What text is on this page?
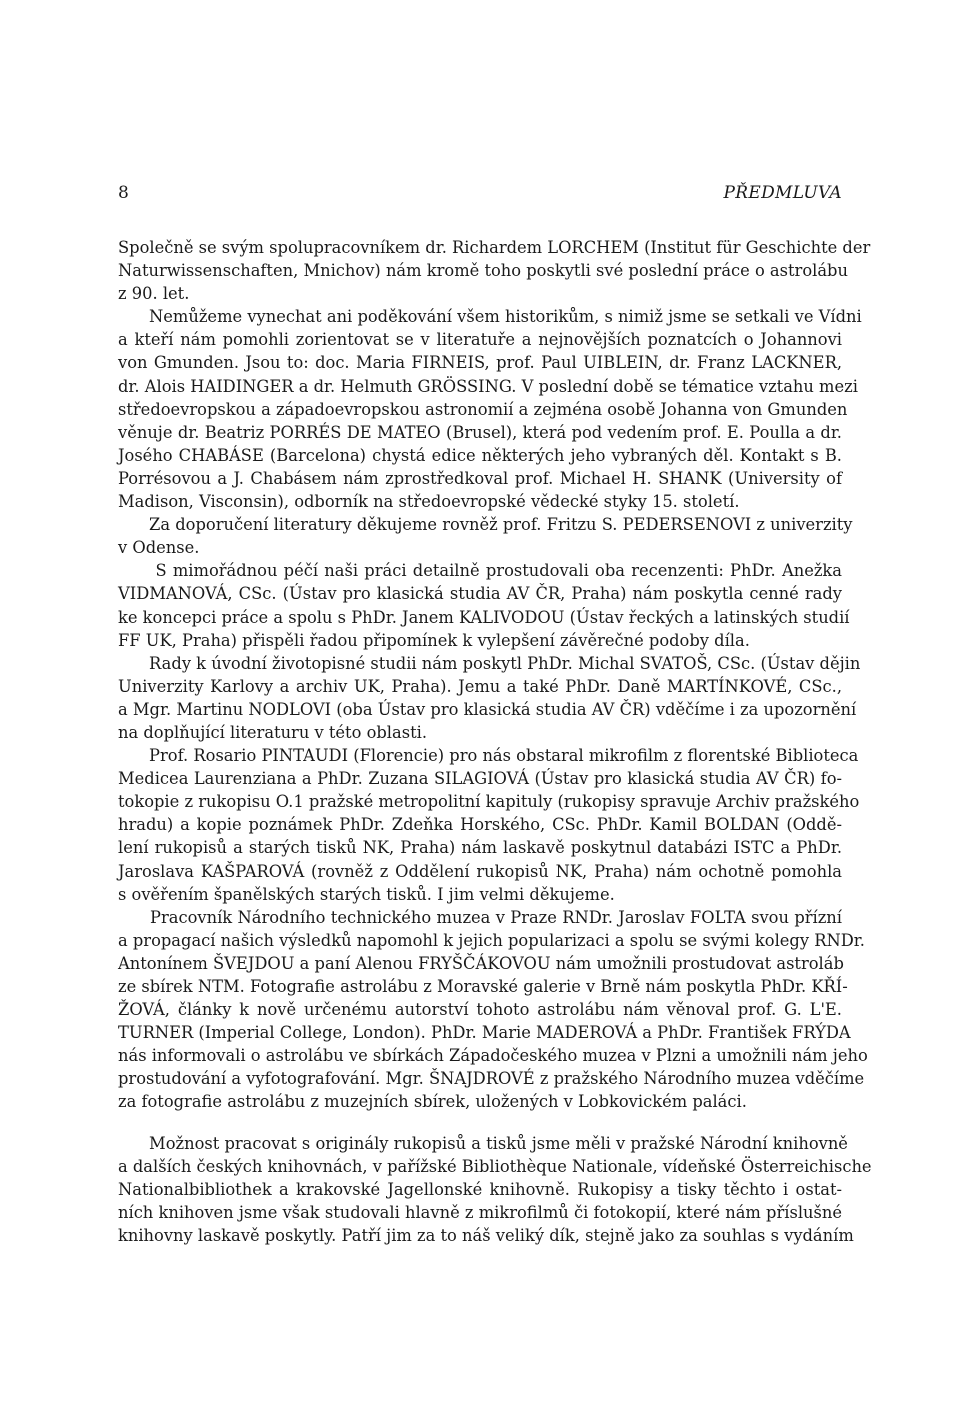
8	PŘEDMLUVA
Společně se svým spolupracovníkem dr. Richardem LORCHEM (Institut für Geschichte der
Naturwissenschaften, Mnichov) nám kromě toho poskytli své poslední práce o astrolábu
z 90. let.
Nemůžeme vynechat ani poděkování všem historikům, s nimiž jsme se setkali ve Vídni
a kteří nám pomohli zorientovat se v literatuře a nejnovějších poznatcích o Johannovi
von Gmunden. Jsou to: doc. Maria FIRNEIS, prof. Paul UIBLEIN, dr. Franz LACKNER,
dr. Alois HAIDINGER a dr. Helmuth GRÖSSING. V poslední době se tématice vztahu mezi
středoevropskou a západoevropskou astronomií a zejména osobě Johanna von Gmunden
věnuje dr. Beatriz PORRÉS DE MATEO (Brusel), která pod vedením prof. E. Poulla a dr.
Joséhо CHABÁSE (Barcelona) chystá edice některých jeho vybraných děl. Kontakt s B.
Porrésovou a J. Chabásem nám zprostředkoval prof. Michael H. SHANK (University of
Madison, Visconsin), odborník na středoevropské vědecké styky 15. století.
Za doporučení literatury děkujeme rovněž prof. Fritzu S. PEDERSENOVI z univerzity
v Odense.
S mimořádnou péčí naši práci detailně prostudovali oba recenzenti: PhDr. Anežka
VIDMANOVÁ, CSc. (Ústav pro klasická studia AV ČR, Praha) nám poskytla cenné rady
ke koncepci práce a spolu s PhDr. Janem KALIVODOU (Ústav řeckých a latinských studií
FF UK, Praha) přispěli řadou připomínek k vylepšení závěrečné podoby díla.
Rady k úvodní životopisné studii nám poskytl PhDr. Michal SVATOŠ, CSc. (Ústav dějin
Univerzity Karlovy a archiv UK, Praha). Jemu a také PhDr. Daně MARTÍNKOVÉ, CSc.,
a Mgr. Martinu NODLOVI (oba Ústav pro klasická studia AV ČR) vděčíme i za upozornění
na doplňující literaturu v této oblasti.
Prof. Rosario PINTAUDI (Florencie) pro nás obstaral mikrofilm z florentské Biblioteca
Medicea Laurenziana a PhDr. Zuzana SILAGIOVÁ (Ústav pro klasická studia AV ČR) fo-
tokopie z rukopisu O.1 pražské metropolitní kapituly (rukopisy spravuje Archiv pražského
hradu) a kopie poznámek PhDr. Zdeňka Horského, CSc. PhDr. Kamil BOLDAN (Oddě-
lení rukopisů a starých tisků NK, Praha) nám laskavě poskytnul databázi ISTC a PhDr.
Jaroslava KAŠPAROVÁ (rovněž z Oddělení rukopisů NK, Praha) nám ochotně pomohla
s ověřením španělských starých tisků. I jim velmi děkujeme.
Pracovník Národního technického muzea v Praze RNDr. Jaroslav FOLTA svou přízní
a propagací našich výsledků napomohl k jejich popularizaci a spolu se svými kolegy RNDr.
Antonínem ŠVEJDOU a paní Alenou FRYŠČÁKOVOU nám umožnili prostudovat astroláb
ze sbírek NTM. Fotografie astrolábu z Moravské galerie v Brně nám poskytla PhDr. KŘÍ-
ŽOVÁ, články k nově určenému autorství tohoto astrolábu nám věnoval prof. G. L'E.
TURNER (Imperial College, London). PhDr. Marie MADEROVÁ a PhDr. František FRÝDA
nás informovali o astrolábu ve sbírkách Západočeského muzea v Plzni a umožnili nám jeho
prostudování a vyfotografování. Mgr. ŠNAJDROVÉ z pražského Národního muzea vděčíme
za fotografie astrolábu z muzejních sbírek, uložených v Lobkovickém paláci.
Možnost pracovat s originály rukopisů a tisků jsme měli v pražské Národní knihovně
a dalších českých knihovnách, v pařížské Bibliothèque Nationale, vídeňské Österreichische
Nationalbibliothek a krakovské Jagellonské knihovně. Rukopisy a tisky těchto i ostat-
ních knihoven jsme však studovali hlavně z mikrofilmů či fotokopií, které nám příslušné
knihovny laskavě poskytly. Patří jim za to náš veliký dík, stejně jako za souhlas s vydáním
